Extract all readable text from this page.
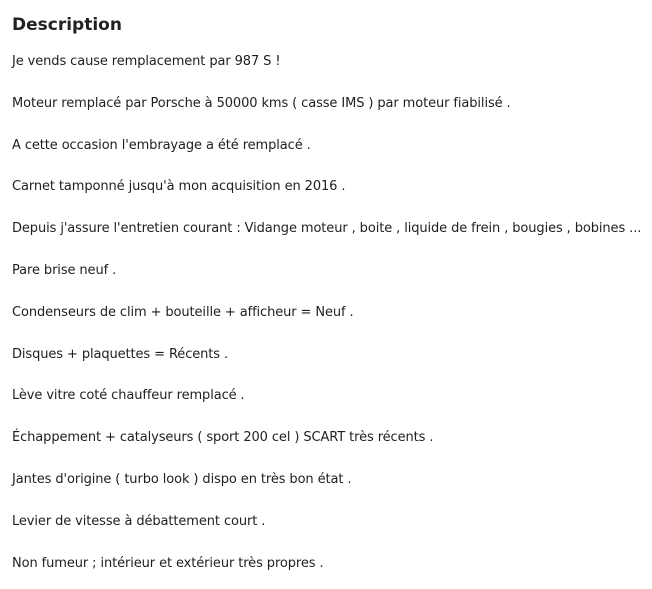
Description

Je vends cause remplacement par 987 S !

Moteur remplacé par Porsche à 50000 kms ( casse IMS ) par moteur fiabilisé .

A cette occasion l'embrayage a été remplacé .

Carnet tamponné jusqu'à mon acquisition en 2016 .

Depuis j'assure l'entretien courant : Vidange moteur , boite , liquide de frein , bougies , bobines ...

Pare brise neuf .

Condenseurs de clim + bouteille + afficheur = Neuf .

Disques + plaquettes = Récents .

Lève vitre coté chauffeur remplacé .

Échappement + catalyseurs ( sport 200 cel ) SCART très récents .

Jantes d'origine ( turbo look ) dispo en très bon état .

Levier de vitesse à débattement court .

Non fumeur ; intérieur et extérieur très propres .
